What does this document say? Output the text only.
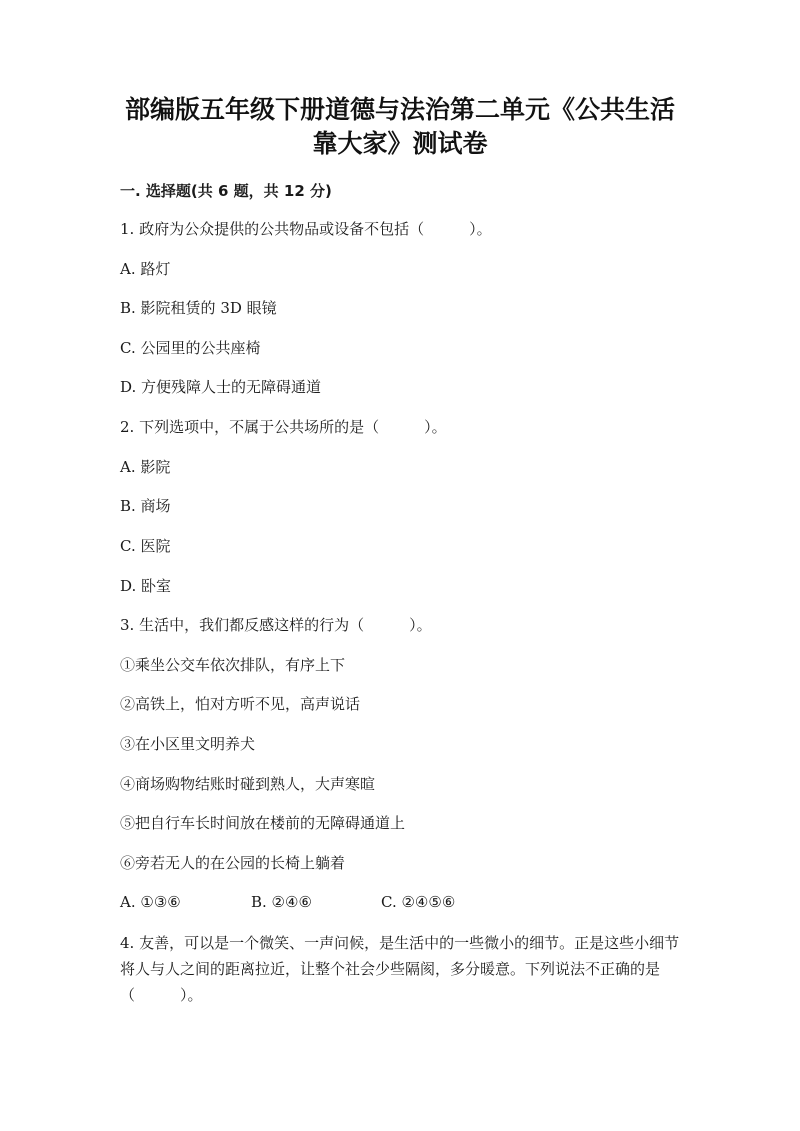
部编版五年级下册道德与法治第二单元《公共生活
靠大家》测试卷
一. 选择题(共 6 题，共 12 分)
1. 政府为公众提供的公共物品或设备不包括（　　　）。
A. 路灯
B. 影院租赁的 3D 眼镜
C. 公园里的公共座椅
D. 方便残障人士的无障碍通道
2. 下列选项中，不属于公共场所的是（　　　）。
A. 影院
B. 商场
C. 医院
D. 卧室
3. 生活中，我们都反感这样的行为（　　　）。
①乘坐公交车依次排队，有序上下
②高铁上，怕对方听不见，高声说话
③在小区里文明养犬
④商场购物结账时碰到熟人，大声寒暄
⑤把自行车长时间放在楼前的无障碍通道上
⑥旁若无人的在公园的长椅上躺着
A. ①③⑥	B. ②④⑥	C. ②④⑤⑥
4. 友善，可以是一个微笑、一声问候，是生活中的一些微小的细节。正是这些小细节将人与人之间的距离拉近，让整个社会少些隔阂，多分暖意。下列说法不正确的是（　　　）。
